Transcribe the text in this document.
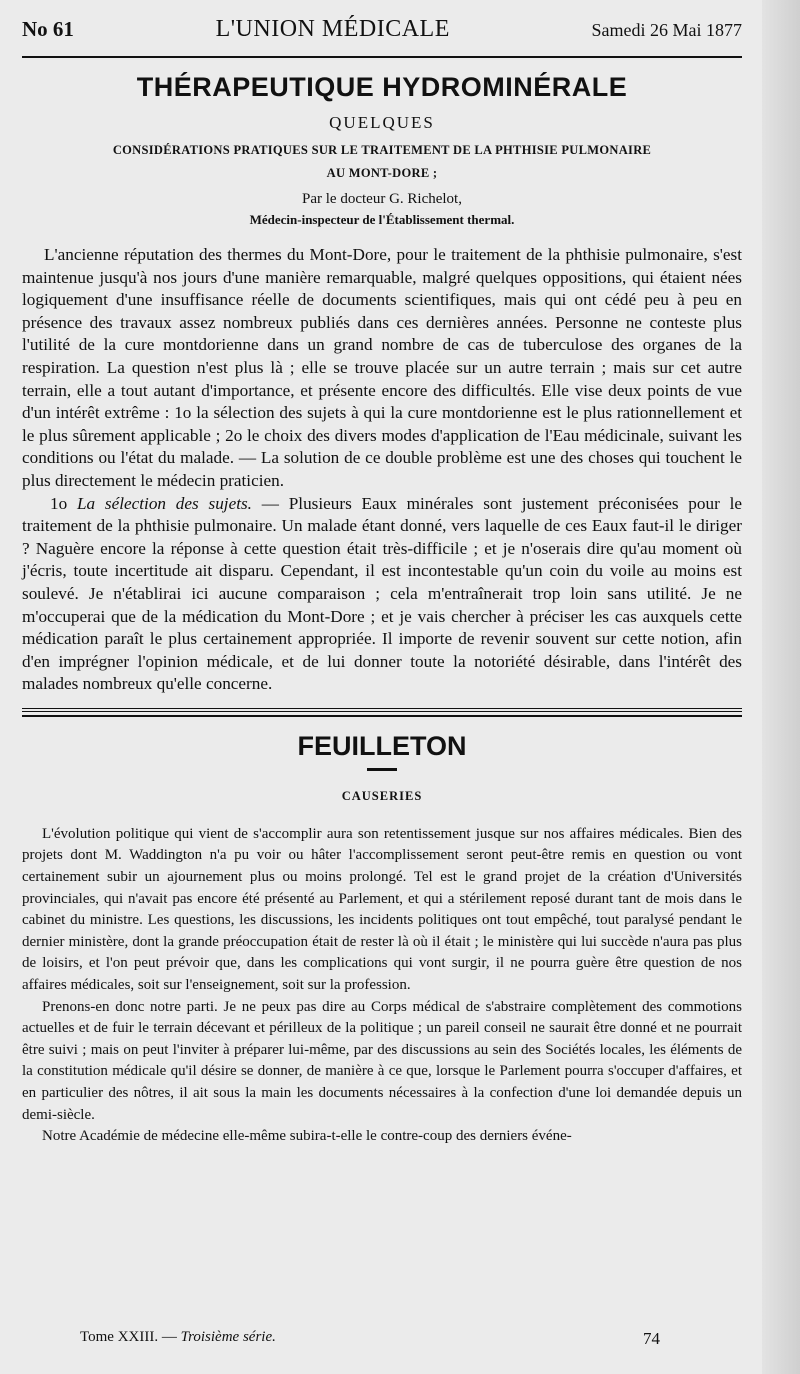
No 61	L'UNION MÉDICALE	Samedi 26 Mai 1877
THÉRAPEUTIQUE HYDROMINÉRALE
QUELQUES
CONSIDÉRATIONS PRATIQUES SUR LE TRAITEMENT DE LA PHTHISIE PULMONAIRE
AU MONT-DORE ;
Par le docteur G. Richelot,
Médecin-inspecteur de l'Établissement thermal.

L'ancienne réputation des thermes du Mont-Dore, pour le traitement de la phthisie pulmonaire, s'est maintenue jusqu'à nos jours d'une manière remarquable, malgré quelques oppositions, qui étaient nées logiquement d'une insuffisance réelle de documents scientifiques, mais qui ont cédé peu à peu en présence des travaux assez nombreux publiés dans ces dernières années. Personne ne conteste plus l'utilité de la cure montdorienne dans un grand nombre de cas de tuberculose des organes de la respiration. La question n'est plus là ; elle se trouve placée sur un autre terrain ; mais sur cet autre terrain, elle a tout autant d'importance, et présente encore des difficultés. Elle vise deux points de vue d'un intérêt extrême : 1o la sélection des sujets à qui la cure montdorienne est le plus rationnellement et le plus sûrement applicable ; 2o le choix des divers modes d'application de l'Eau médicinale, suivant les conditions ou l'état du malade. — La solution de ce double problème est une des choses qui touchent le plus directement le médecin praticien.

1o La sélection des sujets. — Plusieurs Eaux minérales sont justement préconisées pour le traitement de la phthisie pulmonaire. Un malade étant donné, vers laquelle de ces Eaux faut-il le diriger ? Naguère encore la réponse à cette question était très-difficile ; et je n'oserais dire qu'au moment où j'écris, toute incertitude ait disparu. Cependant, il est incontestable qu'un coin du voile au moins est soulevé. Je n'établirai ici aucune comparaison ; cela m'entraînerait trop loin sans utilité. Je ne m'occuperai que de la médication du Mont-Dore ; et je vais chercher à préciser les cas auxquels cette médication paraît le plus certainement appropriée. Il importe de revenir souvent sur cette notion, afin d'en imprégner l'opinion médicale, et de lui donner toute la notoriété désirable, dans l'intérêt des malades nombreux qu'elle concerne.

FEUILLETON
CAUSERIES

L'évolution politique qui vient de s'accomplir aura son retentissement jusque sur nos affaires médicales. Bien des projets dont M. Waddington n'a pu voir ou hâter l'accomplissement seront peut-être remis en question ou vont certainement subir un ajournement plus ou moins prolongé. Tel est le grand projet de la création d'Universités provinciales, qui n'avait pas encore été présenté au Parlement, et qui a stérilement reposé durant tant de mois dans le cabinet du ministre. Les questions, les discussions, les incidents politiques ont tout empêché, tout paralysé pendant le dernier ministère, dont la grande préoccupation était de rester là où il était ; le ministère qui lui succède n'aura pas plus de loisirs, et l'on peut prévoir que, dans les complications qui vont surgir, il ne pourra guère être question de nos affaires médicales, soit sur l'enseignement, soit sur la profession.

Prenons-en donc notre parti. Je ne peux pas dire au Corps médical de s'abstraire complètement des commotions actuelles et de fuir le terrain décevant et périlleux de la politique ; un pareil conseil ne saurait être donné et ne pourrait être suivi ; mais on peut l'inviter à préparer lui-même, par des discussions au sein des Sociétés locales, les éléments de la constitution médicale qu'il désire se donner, de manière à ce que, lorsque le Parlement pourra s'occuper d'affaires, et en particulier des nôtres, il ait sous la main les documents nécessaires à la confection d'une loi demandée depuis un demi-siècle.

Notre Académie de médecine elle-même subira-t-elle le contre-coup des derniers événe-

Tome XXIII. — Troisième série.	74
